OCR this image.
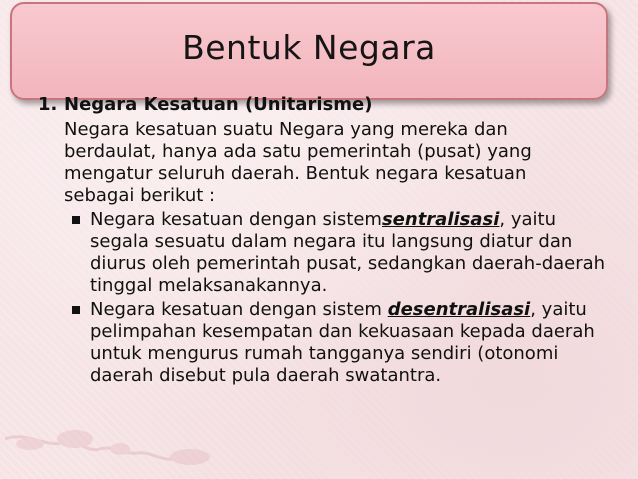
Bentuk Negara

1. Negara Kesatuan (Unitarisme)

Negara kesatuan suatu Negara yang mereka dan berdaulat, hanya ada satu pemerintah (pusat) yang mengatur seluruh daerah. Bentuk negara kesatuan sebagai berikut :

Negara kesatuan dengan sistemsentralisasi, yaitu segala sesuatu dalam negara itu langsung diatur dan diurus oleh pemerintah pusat, sedangkan daerah-daerah tinggal melaksanakannya.

Negara kesatuan dengan sistem desentralisasi, yaitu pelimpahan kesempatan dan kekuasaan kepada daerah untuk mengurus rumah tangganya sendiri (otonomi daerah disebut pula daerah swatantra.
